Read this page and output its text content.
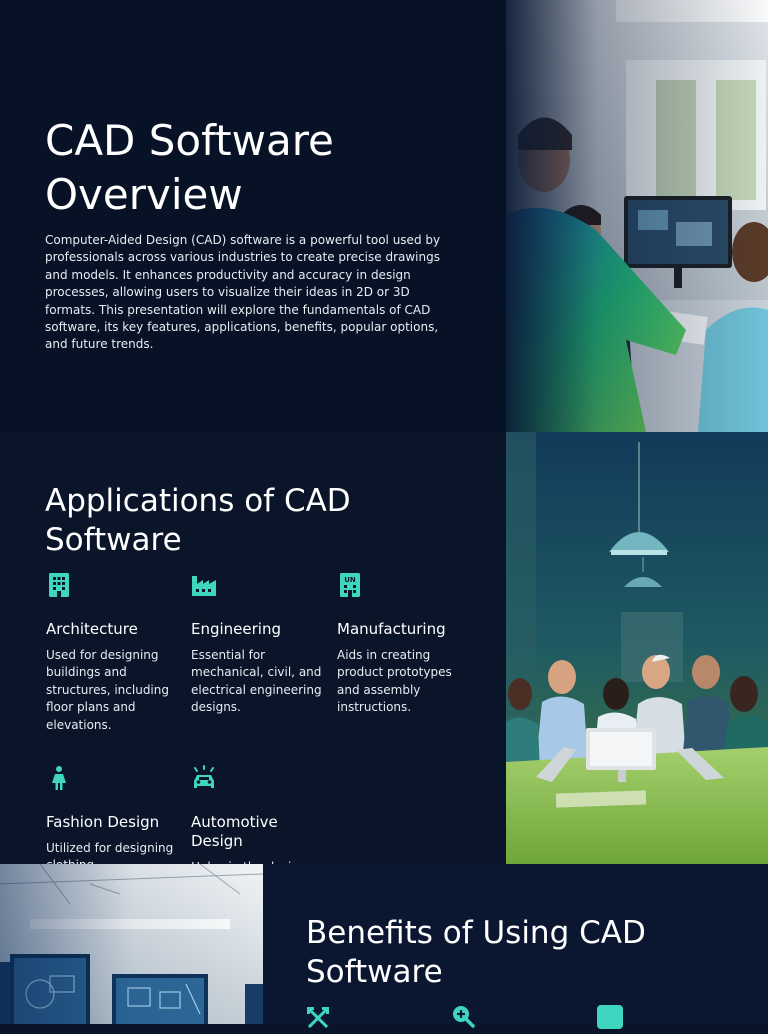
CAD Software Overview

Computer-Aided Design (CAD) software is a powerful tool used by professionals across various industries to create precise drawings and models. It enhances productivity and accuracy in design processes, allowing users to visualize their ideas in 2D or 3D formats. This presentation will explore the fundamentals of CAD software, its key features, applications, benefits, popular options, and future trends.

Applications of CAD Software

Architecture

Used for designing buildings and structures, including floor plans and elevations.

Engineering

Essential for mechanical, civil, and electrical engineering designs.

UN

Manufacturing

Aids in creating product prototypes and assembly instructions.

Fashion Design

Utilized for designing

Automotive Design

Benefits of Using CAD Software
